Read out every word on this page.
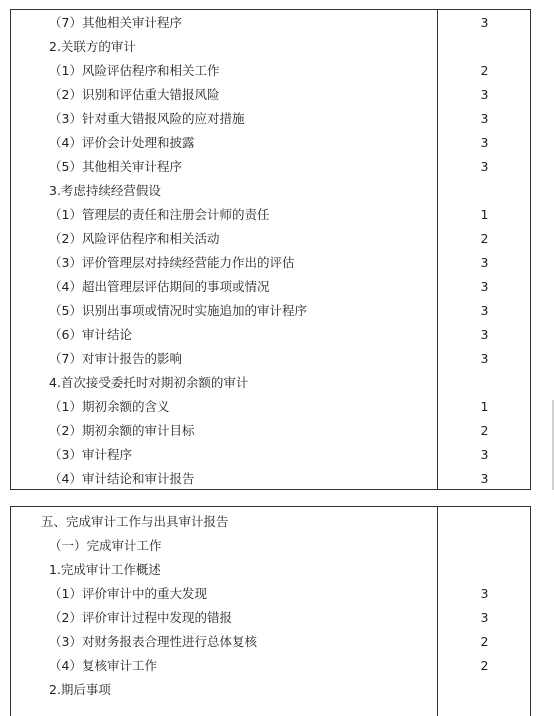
（7）其他相关审计程序	3
2.关联方的审计
（1）风险评估程序和相关工作	2
（2）识别和评估重大错报风险	3
（3）针对重大错报风险的应对措施	3
（4）评价会计处理和披露	3
（5）其他相关审计程序	3
3.考虑持续经营假设
（1）管理层的责任和注册会计师的责任	1
（2）风险评估程序和相关活动	2
（3）评价管理层对持续经营能力作出的评估	3
（4）超出管理层评估期间的事项或情况	3
（5）识别出事项或情况时实施追加的审计程序	3
（6）审计结论	3
（7）对审计报告的影响	3
4.首次接受委托时对期初余额的审计
（1）期初余额的含义	1
（2）期初余额的审计目标	2
（3）审计程序	3
（4）审计结论和审计报告	3
五、完成审计工作与出具审计报告
（一）完成审计工作
1.完成审计工作概述
（1）评价审计中的重大发现	3
（2）评价审计过程中发现的错报	3
（3）对财务报表合理性进行总体复核	2
（4）复核审计工作	2
2.期后事项
